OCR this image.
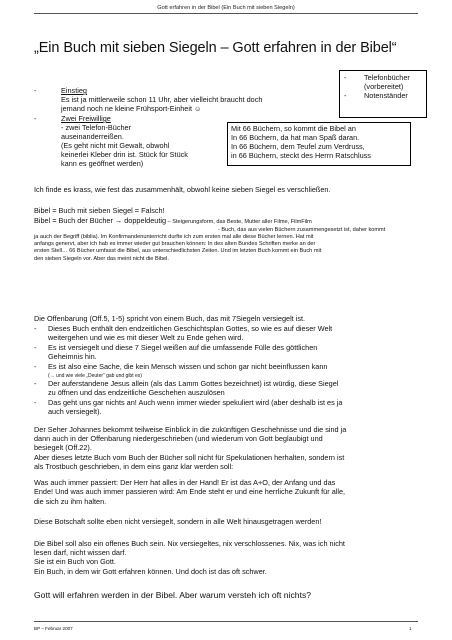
Gott erfahren in der Bibel (Ein Buch mit sieben Siegeln)
„Ein Buch mit sieben Siegeln – Gott erfahren in der Bibel“
- Telefonbücher
(vorbereitet)
- Notenständer
-	Einstieg
Es ist ja mittlerweile schon 11 Uhr, aber vielleicht braucht doch
jemand noch ne kleine Frühsport-Einheit ☺
-	Zwei Freiwillige
- zwei Telefon-Bücher
auseinanderreißen.
(Es geht nicht mit Gewalt, obwohl
keinerlei Kleber drin ist. Stück für Stück
kann es geöffnet werden)
Mit 66 Büchern, so kommt die Bibel an
In 66 Büchern, da hat man Spaß daran.
In 66 Büchern, dem Teufel zum Verdruss,
in 66 Büchern, steckt des Herrn Ratschluss
Ich finde es krass, wie fest das zusammenhält, obwohl keine sieben Siegel es verschließen.
Bibel = Buch mit sieben Siegel = Falsch!
Bibel = Buch der Bücher → doppeldeutig – Steigerungsform, das Beste, Mutter aller Filme, FilmFilm
- Buch, das aus vielen Büchern zusammengesetzt ist, daher kommt
ja auch der Begriff (biblia). Im Konfirmandenunterricht durfte ich zum ersten mal alle diese Bücher lernen. Hat mit
anfangs genervt, aber ich hab es immer wieder gut brauchen können: In des alten Bundes Schriften merke an der
ersten Stell… 66 Bücher umfasst die Bibel, aus unterschiedlichsten Zeiten. Und im letzten Buch kommt ein Buch mit
den sieben Siegeln vor. Aber das meint nicht die Bibel.
Die Offenbarung (Off.5, 1-5) spricht von einem Buch, das mit 7Siegeln versiegelt ist.
- Dieses Buch enthält den endzeitlichen Geschichtsplan Gottes, so wie es auf dieser Welt
weitergehen und wie es mit dieser Welt zu Ende gehen wird.
- Es ist versiegelt und diese 7 Siegel weißen auf die umfassende Fülle des göttlichen
Geheimnis hin.
- Es ist also eine Sache, die kein Mensch wissen und schon gar nicht beeinflussen kann
(→ und wie viele „Deuter“ gab und gibt es)
- Der auferstandene Jesus allein (als das Lamm Gottes bezeichnet) ist würdig, diese Siegel
zu öffnen und das endzeitliche Geschehen auszulösen
- Das geht uns gar nichts an! Auch wenn immer wieder spekuliert wird (aber deshalb ist es ja
auch versiegelt).
Der Seher Johannes bekommt teilweise Einblick in die zukünftigen Geschehnisse und die sind ja
dann auch in der Offenbarung niedergeschrieben (und wiederum von Gott beglaubigt und
besiegelt (Off.22).
Aber dieses letzte Buch vom Buch der Bücher soll nicht für Spekulationen herhalten, sondern ist
als Trostbuch geschrieben, in dem eins ganz klar werden soll:
Was auch immer passiert: Der Herr hat alles in der Hand! Er ist das A+O, der Anfang und das
Ende! Und was auch immer passieren wird: Am Ende steht er und eine herrliche Zukunft für alle,
die sich zu ihm halten.
Diese Botschaft sollte eben nicht versiegelt, sondern in alle Welt hinausgetragen werden!
Die Bibel soll also ein offenes Buch sein. Nix versiegeltes, nix verschlossenes. Nix, was ich nicht
lesen darf, nicht wissen darf.
Sie ist ein Buch von Gott.
Ein Buch, in dem wir Gott erfahren können. Und doch ist das oft schwer.
Gott will erfahren werden in der Bibel. Aber warum versteh ich oft nichts?
BP – Februar 2007	1
